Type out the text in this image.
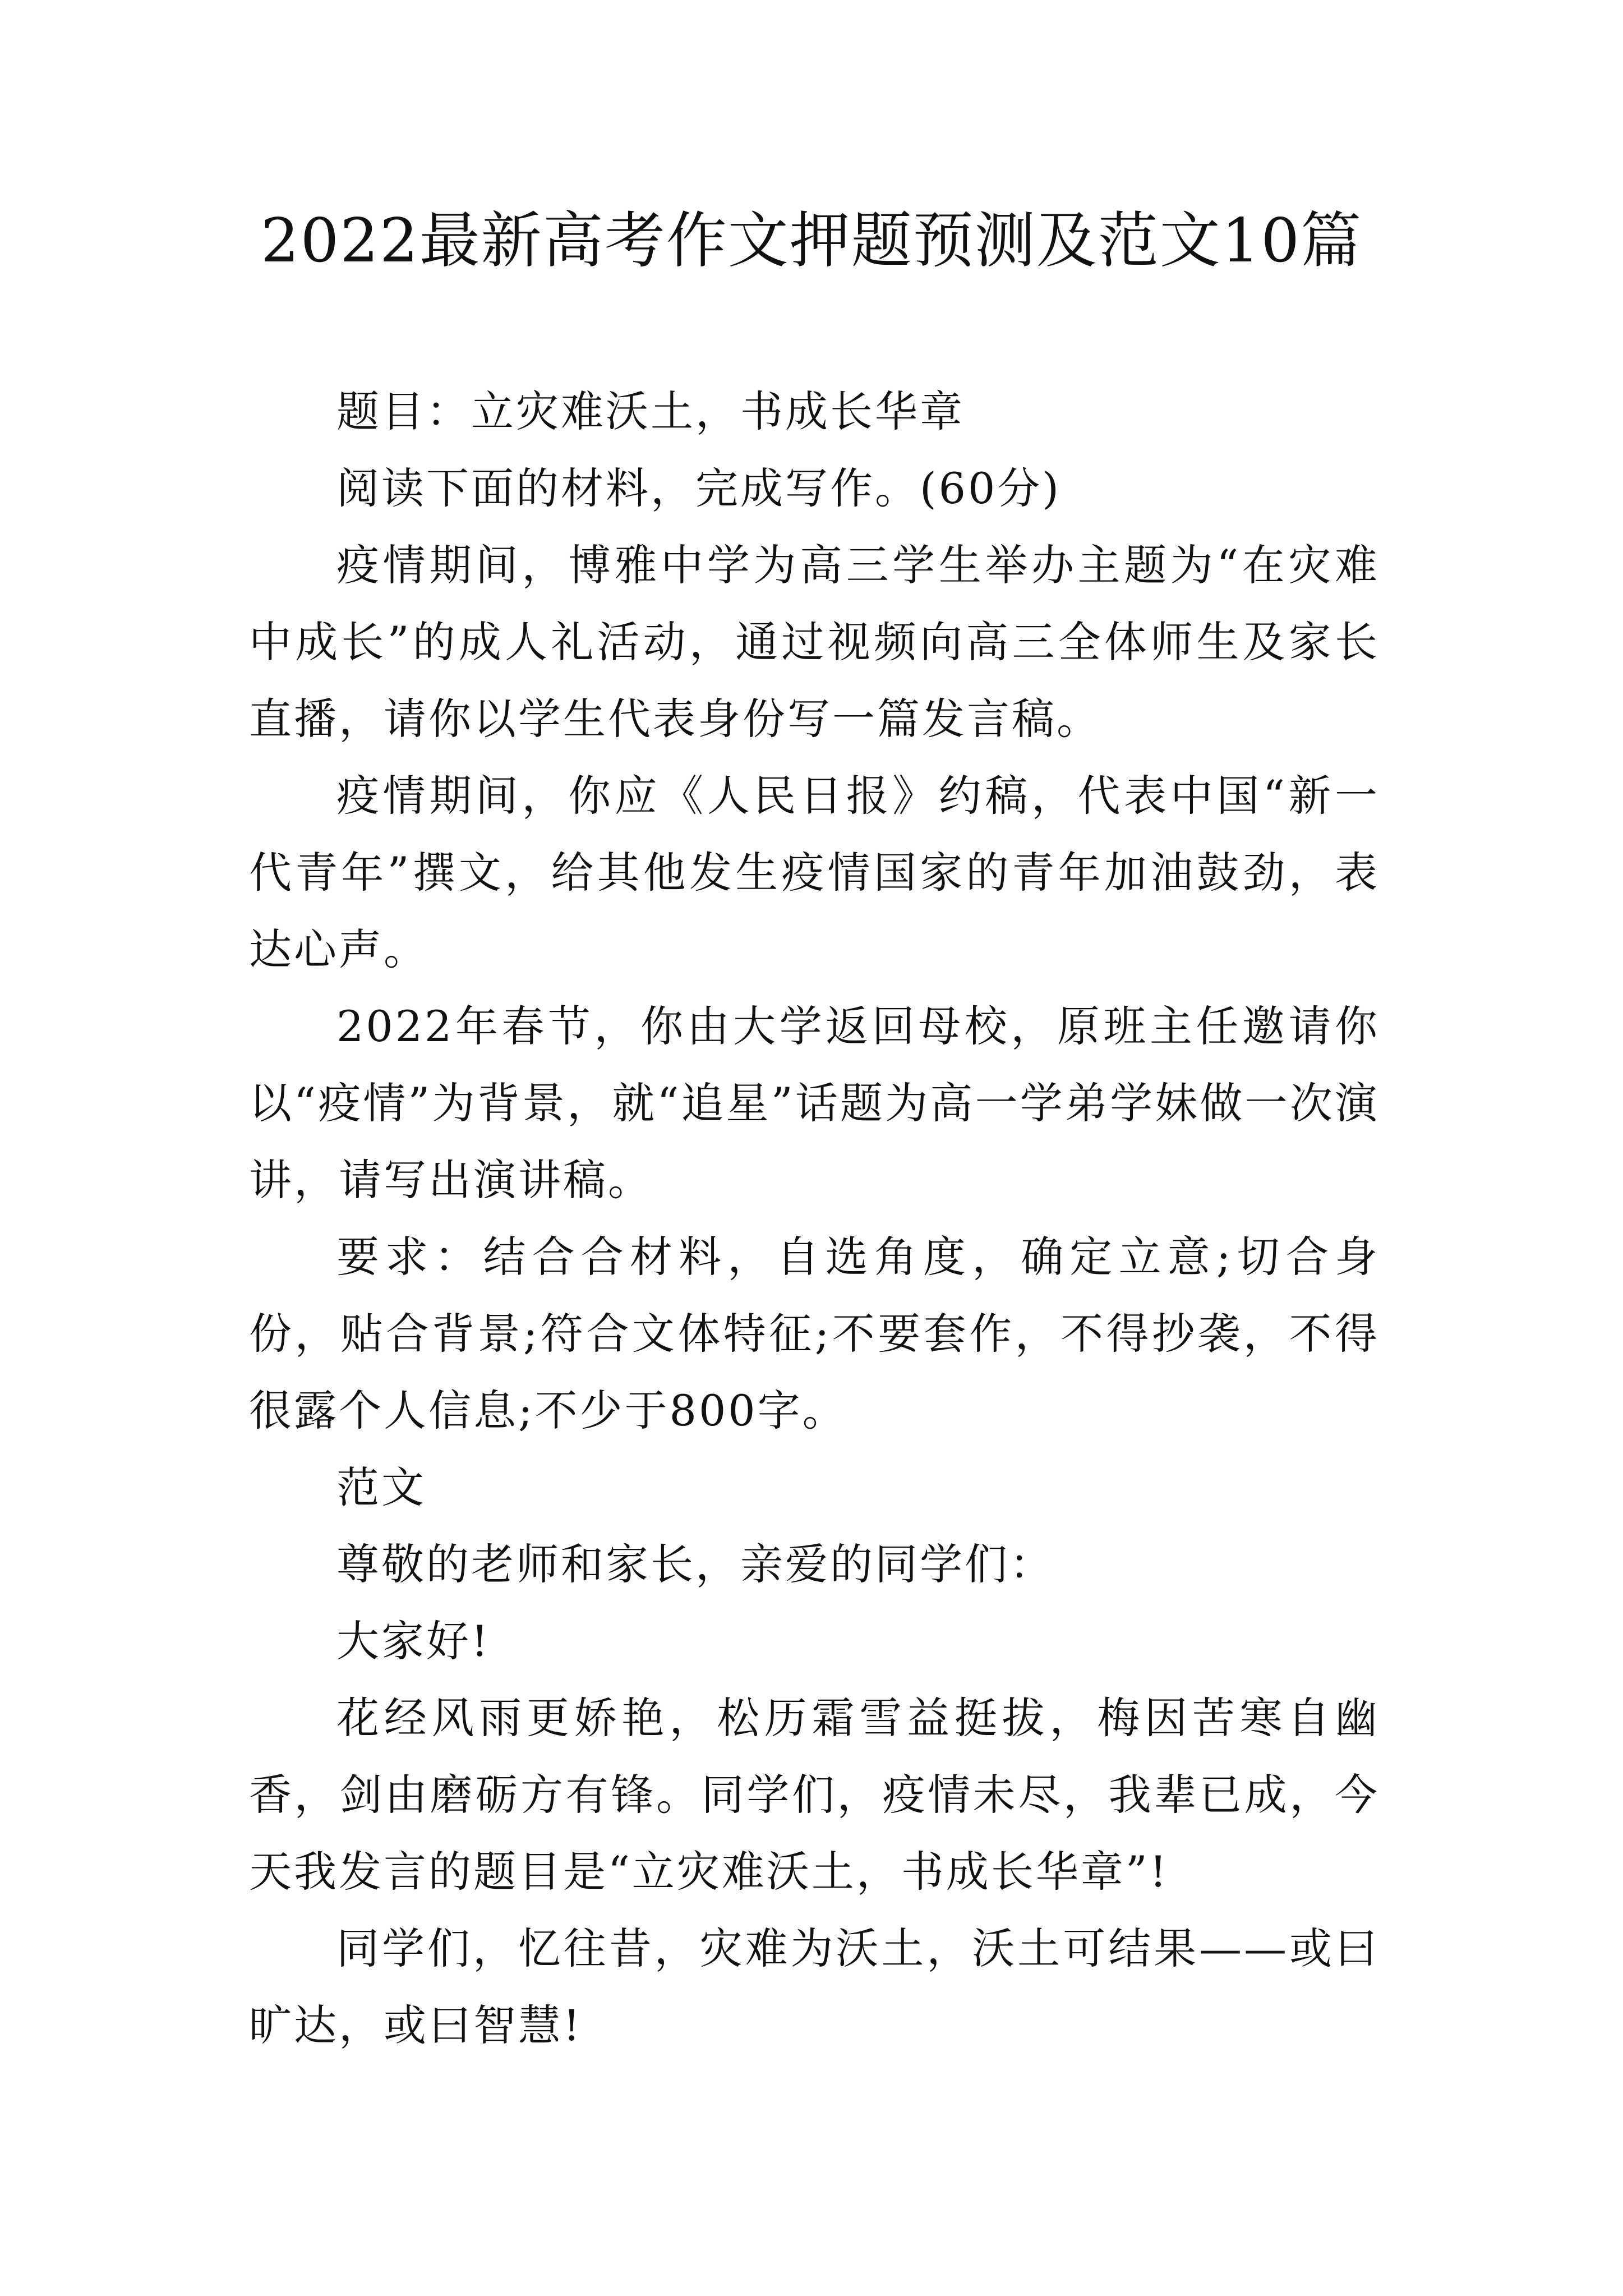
2022最新高考作文押题预测及范文10篇

题目：立灾难沃土，书成长华章

阅读下面的材料，完成写作。(60分)

疫情期间，博雅中学为高三学生举办主题为“在灾难中成长”的成人礼活动，通过视频向高三全体师生及家长直播，请你以学生代表身份写一篇发言稿。

疫情期间，你应《人民日报》约稿，代表中国“新一代青年”撰文，给其他发生疫情国家的青年加油鼓劲，表达心声。

2022年春节，你由大学返回母校，原班主任邀请你以“疫情”为背景，就“追星”话题为高一学弟学妹做一次演讲，请写出演讲稿。

要求：结合合材料，自选角度，确定立意;切合身份，贴合背景;符合文体特征;不要套作，不得抄袭，不得很露个人信息;不少于800字。

范文

尊敬的老师和家长，亲爱的同学们：

大家好!

花经风雨更娇艳，松历霜雪益挺拔，梅因苦寒自幽香，剑由磨砺方有锋。同学们，疫情未尽，我辈已成，今天我发言的题目是“立灾难沃土，书成长华章”!

同学们，忆往昔，灾难为沃土，沃土可结果——或曰旷达，或曰智慧!
